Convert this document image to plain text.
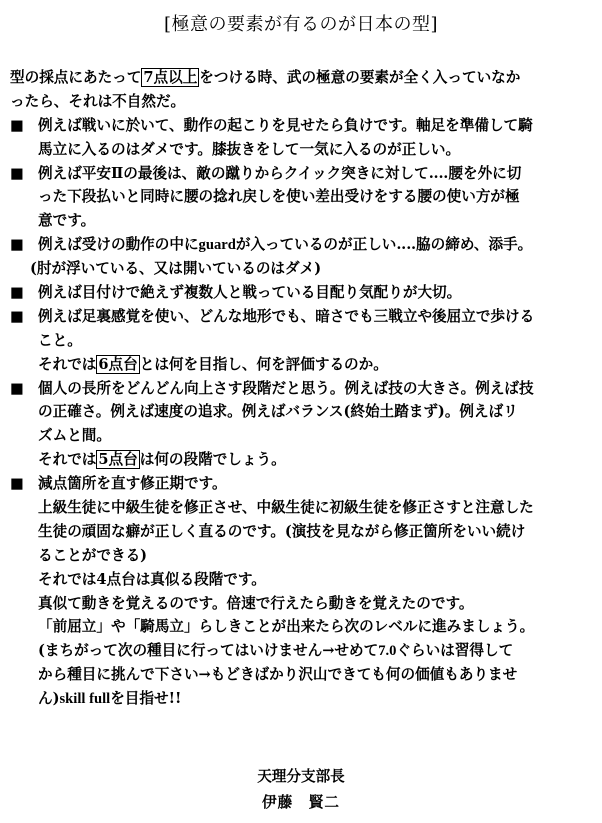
[極意の要素が有るのが日本の型]
型の採点にあたって 7点以上 をつける時、武の極意の要素が全く入っていなか
ったら、それは不自然だ。
■ 例えば戦いに於いて、動作の起こりを見せたら負けです。軸足を準備して騎
馬立に入るのはダメです。膝抜きをして一気に入るのが正しい。
■ 例えば平安Ⅱの最後は、敵の蹴りからクイック突きに対して‥‥腰を外に切
った下段払いと同時に腰の捻れ戻しを使い差出受けをする腰の使い方が極
意です。
■ 例えば受けの動作の中にguardが入っているのが正しい‥‥脇の締め、添手。
(肘が浮いている、又は開いているのはダメ)
■ 例えば目付けで絶えず複数人と戦っている目配り気配りが大切。
■ 例えば足裏感覚を使い、どんな地形でも、暗さでも三戦立や後屈立で歩ける
こと。
それでは 6点台 とは何を目指し、何を評価するのか。
■ 個人の長所をどんどん向上さす段階だと思う。例えば技の大きさ。例えば技
の正確さ。例えば速度の追求。例えばバランス(終始土踏まず)。例えばリ
ズムと間。
それでは 5点台 は何の段階でしょう。
■ 減点箇所を直す修正期です。
上級生徒に中級生徒を修正させ、中級生徒に初級生徒を修正さすと注意した
生徒の頑固な癖が正しく直るのです。(演技を見ながら修正箇所をいい続け
ることができる)
それでは4点台は真似る段階です。
真似て動きを覚えるのです。倍速で行えたら動きを覚えたのです。
「前屈立」や「騎馬立」らしきことが出来たら次のレベルに進みましょう。
(まちがって次の種目に行ってはいけません→せめて7.0ぐらいは習得して
から種目に挑んで下さい→もどきばかり沢山できても何の価値もありませ
ん)skill fullを目指せ!!
天理分支部長
伊藤　賢二
